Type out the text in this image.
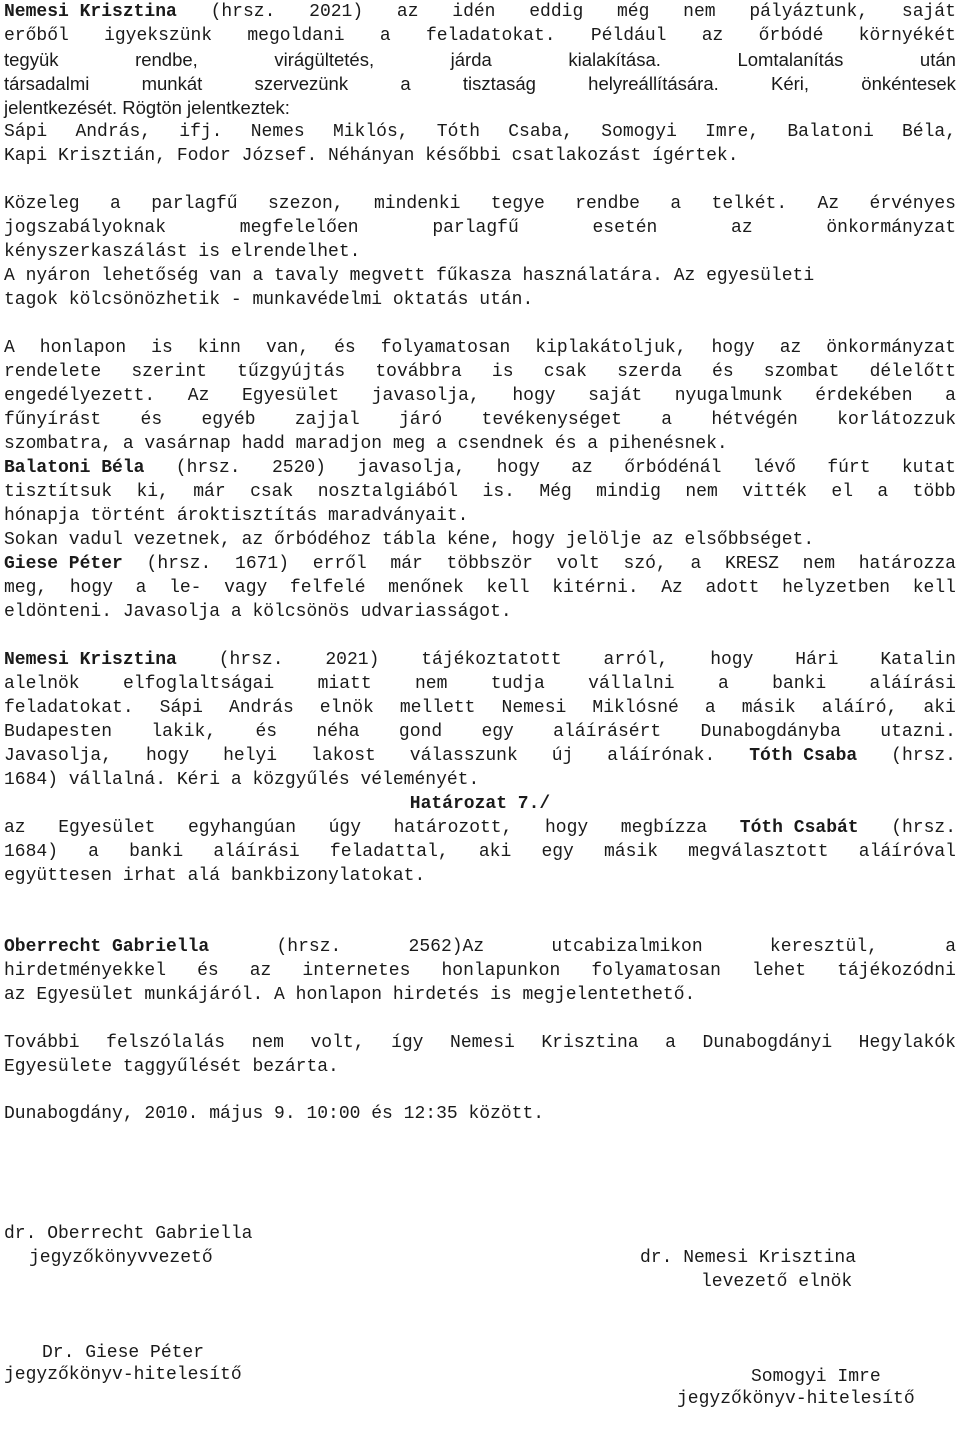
Nemesi Krisztina (hrsz. 2021) az idén eddig még nem pályáztunk, saját
erőből igyekszünk megoldani a feladatokat. Például az őrbódé környékét
tegyük	rendbe,	virágültetés,	járda	kialakítása.	Lomtalanítás	után
társadalmi	munkát	szervezünk	a	tisztaság	helyreállítására.	Kéri,	önkéntesek
jelentkezését. Rögtön jelentkeztek:
Sápi András, ifj. Nemes Miklós, Tóth Csaba, Somogyi Imre, Balatoni Béla,
Kapi Krisztián, Fodor József. Néhányan későbbi csatlakozást ígértek.
Közeleg a parlagfű szezon, mindenki tegye rendbe a telkét. Az érvényes
jogszabályoknak	megfelelően	parlagfű	esetén	az	önkormányzat
kényszerkaszálást is elrendelhet.
A nyáron lehetőség van a tavaly megvett fűkasza használatára. Az egyesületi
tagok kölcsönözhetik - munkavédelmi oktatás után.
A honlapon is kinn van, és folyamatosan kiplakátoljuk, hogy az önkormányzat
rendelete szerint tűzgyújtás továbbra is csak szerda és szombat délelőtt
engedélyezett. Az Egyesület javasolja, hogy saját nyugalmunk érdekében a
fűnyírást és egyéb zajjal járó tevékenységet a hétvégén korlátozzuk
szombatra, a vasárnap hadd maradjon meg a csendnek és a pihenésnek.
Balatoni Béla (hrsz. 2520) javasolja, hogy az őrbódénál lévő fúrt kutat
tisztítsuk ki, már csak nosztalgiából is. Még mindig nem vitték el a több
hónapja történt ároktisztítás maradványait.
Sokan vadul vezetnek, az őrbódéhoz tábla kéne, hogy jelölje az elsőbbséget.
Giese Péter (hrsz. 1671) erről már többször volt szó, a KRESZ nem határozza
meg, hogy a le- vagy felfelé menőnek kell kitérni. Az adott helyzetben kell
eldönteni. Javasolja a kölcsönös udvariasságot.
Nemesi Krisztina (hrsz. 2021) tájékoztatott arról, hogy Hári Katalin
alelnök elfoglaltságai miatt nem tudja vállalni a banki aláírási
feladatokat. Sápi András elnök mellett Nemesi Miklósné a másik aláíró, aki
Budapesten lakik, és néha gond egy aláírásért Dunabogdányba utazni.
Javasolja, hogy helyi lakost válasszunk új aláírónak. Tóth Csaba (hrsz.
1684) vállalná. Kéri a közgyűlés véleményét.
Határozat 7./
az Egyesület egyhangúan úgy határozott, hogy megbízza Tóth Csabát (hrsz.
1684) a banki aláírási feladattal, aki egy másik megválasztott aláíróval
együttesen irhat alá bankbizonylatokat.
Oberrecht Gabriella	(hrsz.	2562)Az	utcabizalmikon	keresztül,	a
hirdetményekkel és az internetes honlapunkon folyamatosan lehet tájékozódni
az Egyesület munkájáról. A honlapon hirdetés is megjelentethető.
További felszólalás nem volt, így Nemesi Krisztina a Dunabogdányi Hegylakók
Egyesülete taggyűlését bezárta.
Dunabogdány, 2010. május 9. 10:00 és 12:35 között.

dr. Oberrecht Gabriella

dr. Nemesi Krisztina

jegyzőkönyvvezető

levezető elnök

Dr. Giese Péter

Somogyi Imre

jegyzőkönyv-hitelesítő

jegyzőkönyv-hitelesítő
